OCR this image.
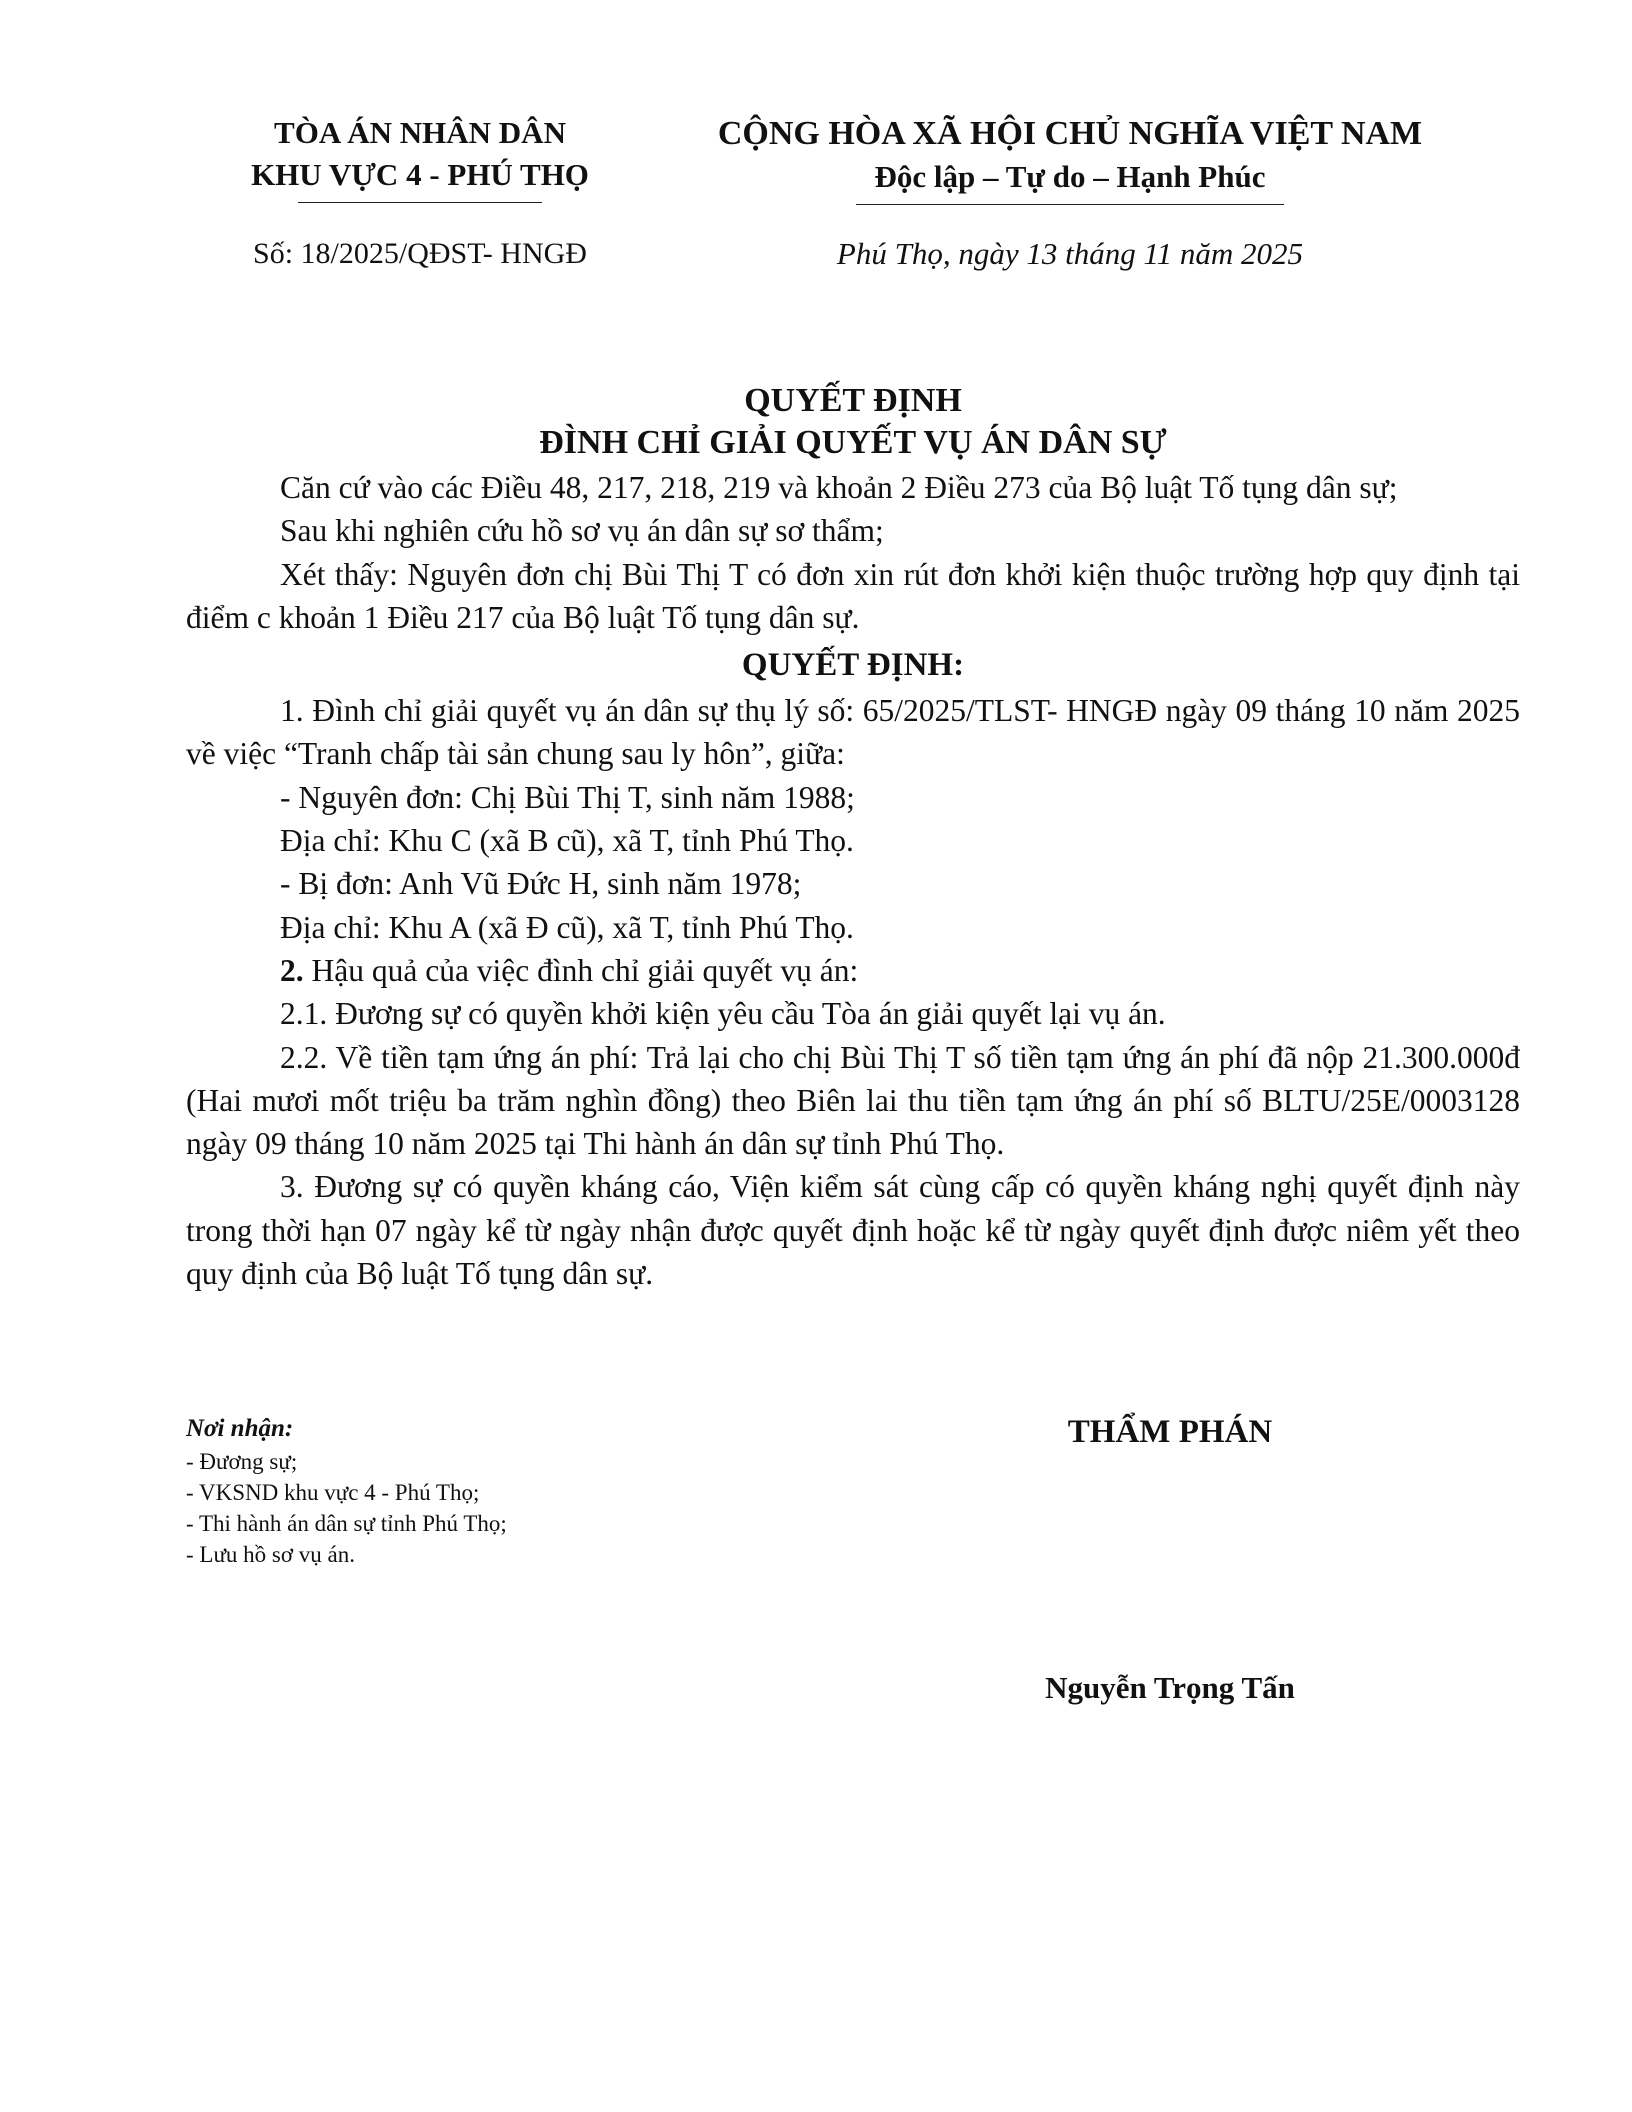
TÒA ÁN NHÂN DÂN
KHU VỰC 4 - PHÚ THỌ
CỘNG HÒA XÃ HỘI CHỦ NGHĨA VIỆT NAM
Độc lập – Tự do – Hạnh Phúc
Số: 18/2025/QĐST- HNGĐ	Phú Thọ, ngày 13 tháng 11 năm 2025
QUYẾT ĐỊNH
ĐÌNH CHỈ GIẢI QUYẾT VỤ ÁN DÂN SỰ

Căn cứ vào các Điều 48, 217, 218, 219 và khoản 2 Điều 273 của Bộ luật Tố tụng dân sự;

Sau khi nghiên cứu hồ sơ vụ án dân sự sơ thẩm;

Xét thấy: Nguyên đơn chị Bùi Thị T có đơn xin rút đơn khởi kiện thuộc trường hợp quy định tại điểm c khoản 1 Điều 217 của Bộ luật Tố tụng dân sự.

QUYẾT ĐỊNH:

1. Đình chỉ giải quyết vụ án dân sự thụ lý số: 65/2025/TLST- HNGĐ ngày 09 tháng 10 năm 2025 về việc “Tranh chấp tài sản chung sau ly hôn”, giữa:

- Nguyên đơn: Chị Bùi Thị T, sinh năm 1988;

Địa chỉ: Khu C (xã B cũ), xã T, tỉnh Phú Thọ.

- Bị đơn: Anh Vũ Đức H, sinh năm 1978;

Địa chỉ: Khu A (xã Đ cũ), xã T, tỉnh Phú Thọ.

2. Hậu quả của việc đình chỉ giải quyết vụ án:

2.1. Đương sự có quyền khởi kiện yêu cầu Tòa án giải quyết lại vụ án.

2.2. Về tiền tạm ứng án phí: Trả lại cho chị Bùi Thị T số tiền tạm ứng án phí đã nộp 21.300.000đ (Hai mươi mốt triệu ba trăm nghìn đồng) theo Biên lai thu tiền tạm ứng án phí số BLTU/25E/0003128 ngày 09 tháng 10 năm 2025 tại Thi hành án dân sự tỉnh Phú Thọ.

3. Đương sự có quyền kháng cáo, Viện kiểm sát cùng cấp có quyền kháng nghị quyết định này trong thời hạn 07 ngày kể từ ngày nhận được quyết định hoặc kể từ ngày quyết định được niêm yết theo quy định của Bộ luật Tố tụng dân sự.

Nơi nhận:
- Đương sự;
- VKSND khu vực 4 - Phú Thọ;
- Thi hành án dân sự tỉnh Phú Thọ;
- Lưu hồ sơ vụ án.
THẨM PHÁN
Nguyễn Trọng Tấn
